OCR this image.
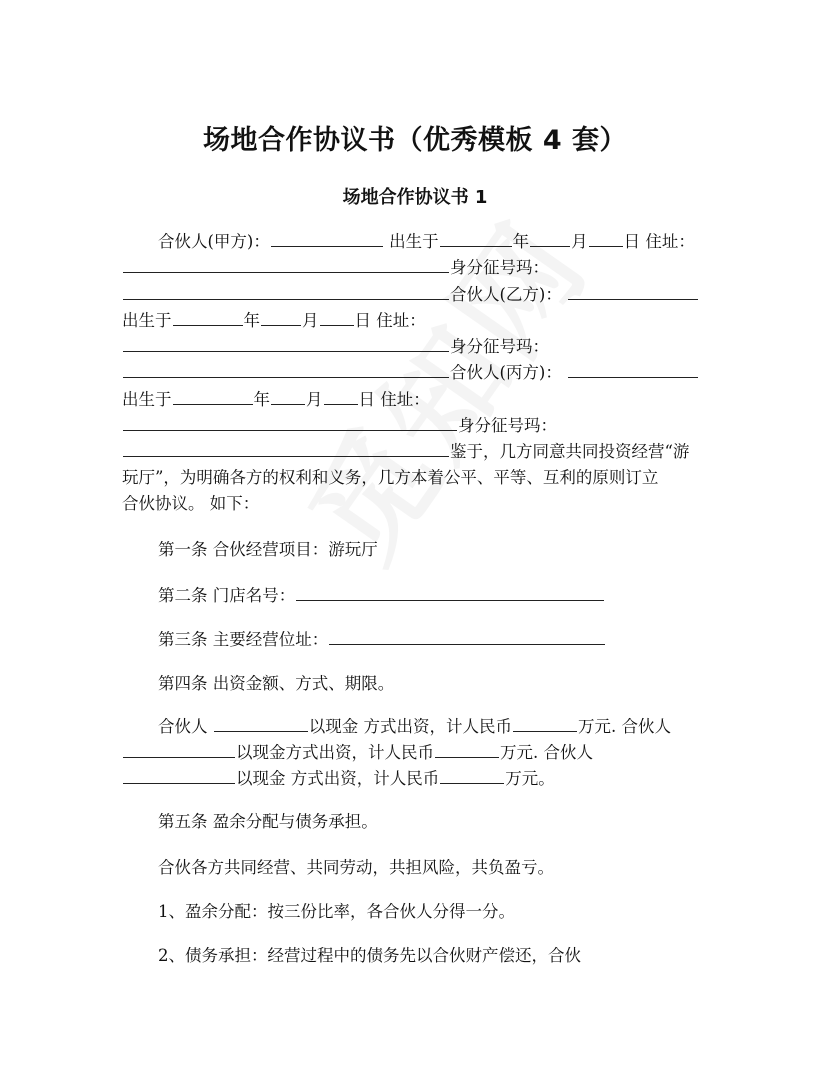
场地合作协议书（优秀模板 4 套）
场地合作协议书 1
合伙人(甲方)：	出生于	年	月 日 住址：
身分征号玛：
合伙人(乙方)：
出生于	年	月 日 住址：
身分征号玛：
合伙人(丙方)：
出生于	年 月 日 住址：
身分征号玛：
鉴于，几方同意共同投资经营“游
玩厅”，为明确各方的权利和义务，几方本着公平、平等、互利的原则订立
合伙协议。 如下：
第一条 合伙经营项目：游玩厅
第二条 门店名号：
第三条 主要经营位址：
第四条 出资金额、方式、期限。
合伙人	以现金 方式出资，计人民币	万元. 合伙人
以现金方式出资，计人民币	万元. 合伙人
以现金 方式出资，计人民币	万元。
第五条 盈余分配与债务承担。
合伙各方共同经营、共同劳动，共担风险，共负盈亏。
1、盈余分配：按三份比率，各合伙人分得一分。
2、债务承担：经营过程中的债务先以合伙财产偿还，合伙
